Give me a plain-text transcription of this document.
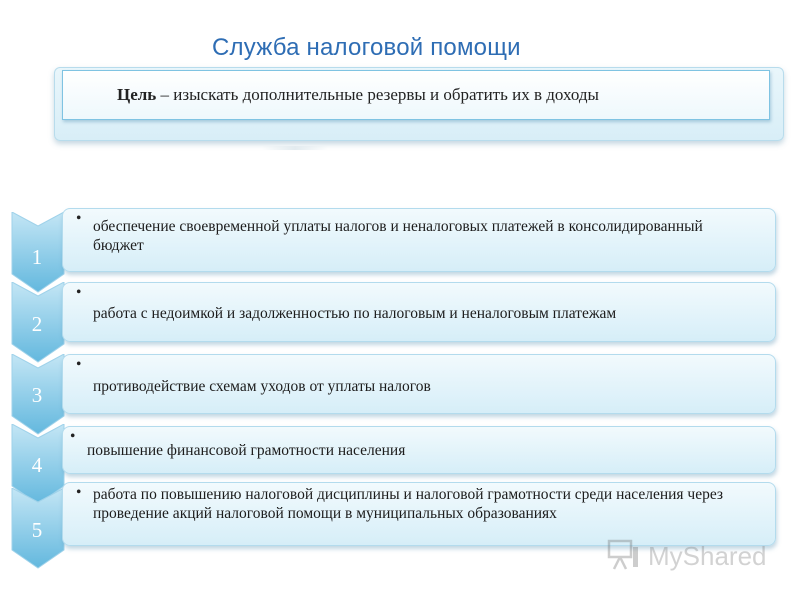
Служба налоговой помощи
Цель – изыскать дополнительные резервы и обратить их в доходы
1
• обеспечение своевременной уплаты налогов и неналоговых платежей в консолидированный бюджет
2	• работа с недоимкой и задолженностью по налоговым и неналоговым платежам
3	• противодействие схемам уходов от уплаты налогов
4
• повышение финансовой грамотности населения
5
• работа по повышению налоговой дисциплины и налоговой грамотности среди населения через проведение акций налоговой помощи в муниципальных образованиях
MyShared
